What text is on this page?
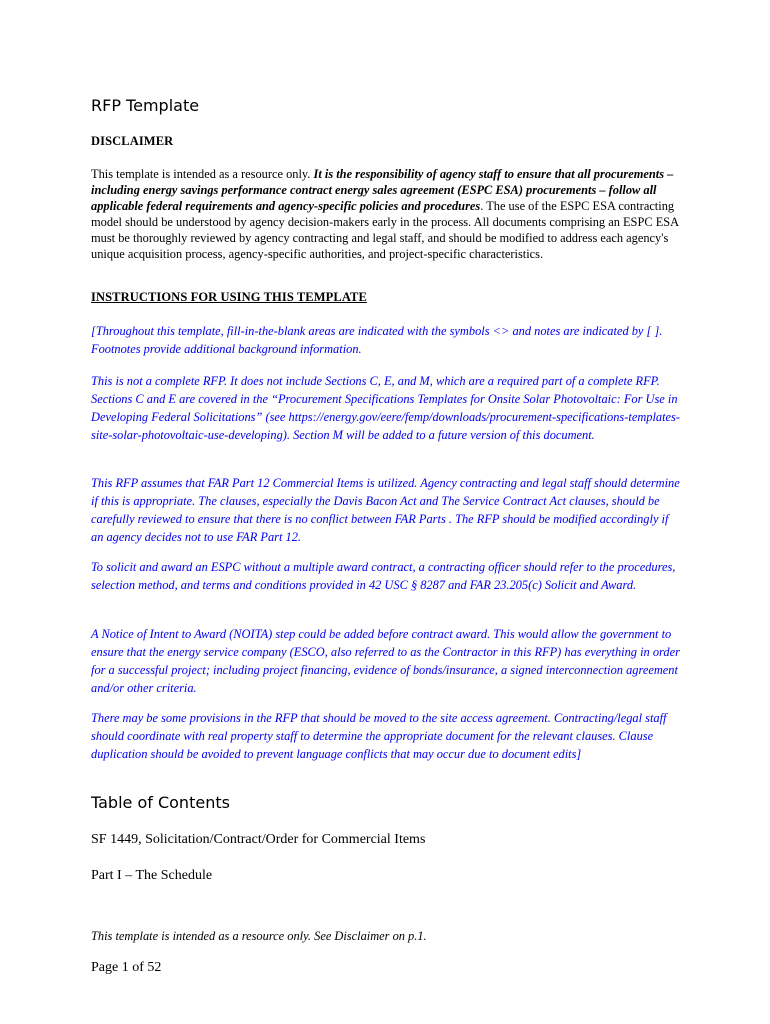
RFP Template

DISCLAIMER

This template is intended as a resource only. It is the responsibility of agency staff to ensure that all procurements – including energy savings performance contract energy sales agreement (ESPC ESA) procurements – follow all applicable federal requirements and agency-specific policies and procedures. The use of the ESPC ESA contracting model should be understood by agency decision-makers early in the process. All documents comprising an ESPC ESA must be thoroughly reviewed by agency contracting and legal staff, and should be modified to address each agency's unique acquisition process, agency-specific authorities, and project-specific characteristics.

INSTRUCTIONS FOR USING THIS TEMPLATE

[Throughout this template, fill-in-the-blank areas are indicated with the symbols <> and notes are indicated by [ ]. Footnotes provide additional background information.

This is not a complete RFP. It does not include Sections C, E, and M, which are a required part of a complete RFP. Sections C and E are covered in the “Procurement Specifications Templates for Onsite Solar Photovoltaic: For Use in Developing Federal Solicitations” (see https://energy.gov/eere/femp/downloads/procurement-specifications-templates-site-solar-photovoltaic-use-developing). Section M will be added to a future version of this document.

This RFP assumes that FAR Part 12 Commercial Items is utilized. Agency contracting and legal staff should determine if this is appropriate. The clauses, especially the Davis Bacon Act and The Service Contract Act clauses, should be carefully reviewed to ensure that there is no conflict between FAR Parts . The RFP should be modified accordingly if an agency decides not to use FAR Part 12.

To solicit and award an ESPC without a multiple award contract, a contracting officer should refer to the procedures, selection method, and terms and conditions provided in 42 USC § 8287 and FAR 23.205(c) Solicit and Award.

A Notice of Intent to Award (NOITA) step could be added before contract award. This would allow the government to ensure that the energy service company (ESCO, also referred to as the Contractor in this RFP) has everything in order for a successful project; including project financing, evidence of bonds/insurance, a signed interconnection agreement and/or other criteria.

There may be some provisions in the RFP that should be moved to the site access agreement. Contracting/legal staff should coordinate with real property staff to determine the appropriate document for the relevant clauses. Clause duplication should be avoided to prevent language conflicts that may occur due to document edits]

Table of Contents

SF 1449, Solicitation/Contract/Order for Commercial Items

Part I – The Schedule

This template is intended as a resource only. See Disclaimer on p.1.

Page 1 of 52
